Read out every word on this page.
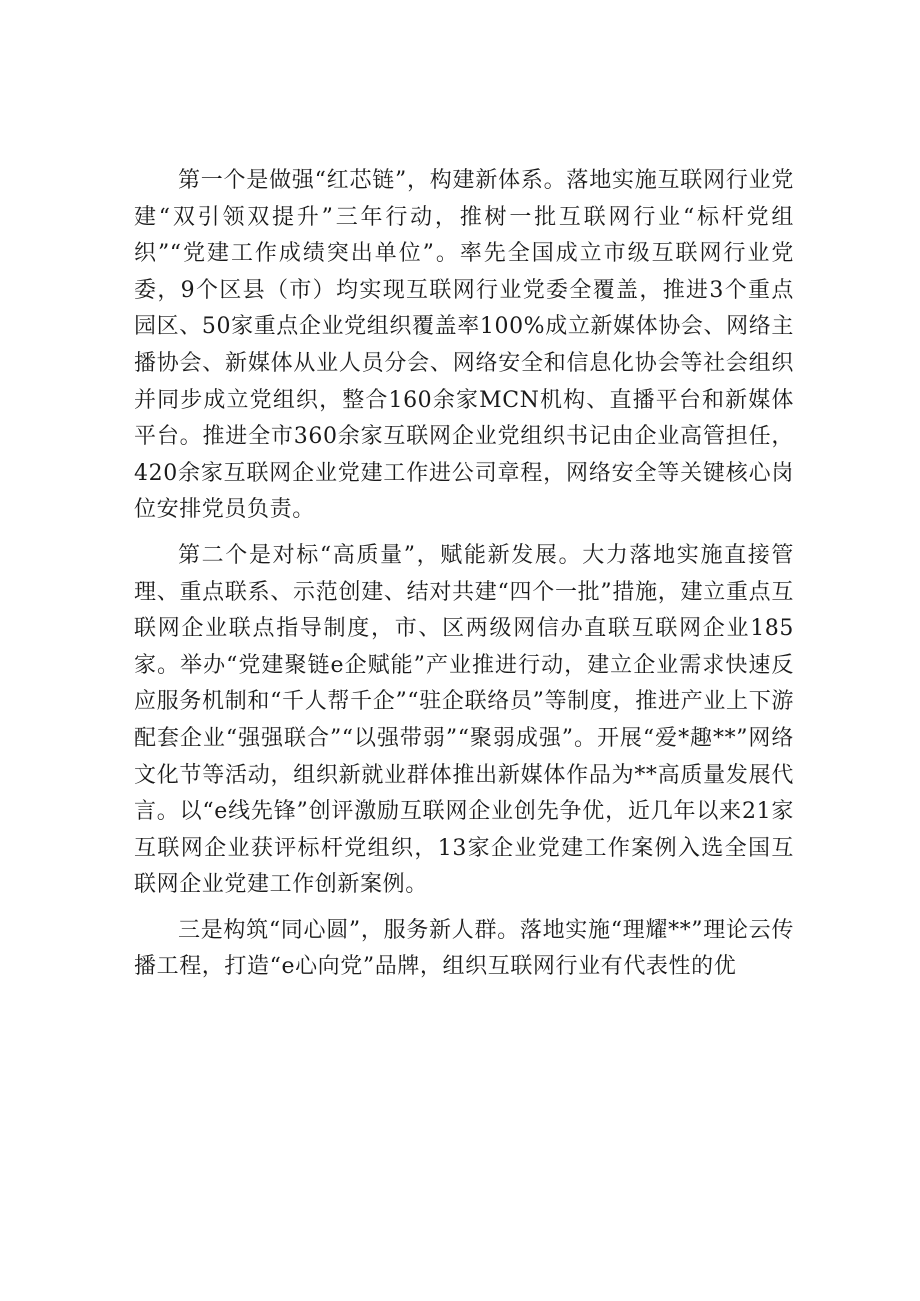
第一个是做强“红芯链”，构建新体系。落地实施互联网行业党建“双引领双提升”三年行动，推树一批互联网行业“标杆党组织”“党建工作成绩突出单位”。率先全国成立市级互联网行业党委，9个区县（市）均实现互联网行业党委全覆盖，推进3个重点园区、50家重点企业党组织覆盖率100%成立新媒体协会、网络主播协会、新媒体从业人员分会、网络安全和信息化协会等社会组织并同步成立党组织，整合160余家MCN机构、直播平台和新媒体平台。推进全市360余家互联网企业党组织书记由企业高管担任，420余家互联网企业党建工作进公司章程，网络安全等关键核心岗位安排党员负责。

第二个是对标“高质量”，赋能新发展。大力落地实施直接管理、重点联系、示范创建、结对共建“四个一批”措施，建立重点互联网企业联点指导制度，市、区两级网信办直联互联网企业185家。举办“党建聚链e企赋能”产业推进行动，建立企业需求快速反应服务机制和“千人帮千企”“驻企联络员”等制度，推进产业上下游配套企业“强强联合”“以强带弱”“聚弱成强”。开展“爱*趣**”网络文化节等活动，组织新就业群体推出新媒体作品为**高质量发展代言。以“e线先锋”创评激励互联网企业创先争优，近几年以来21家互联网企业获评标杆党组织，13家企业党建工作案例入选全国互联网企业党建工作创新案例。

三是构筑“同心圆”，服务新人群。落地实施“理耀**”理论云传播工程，打造“e心向党”品牌，组织互联网行业有代表性的优
